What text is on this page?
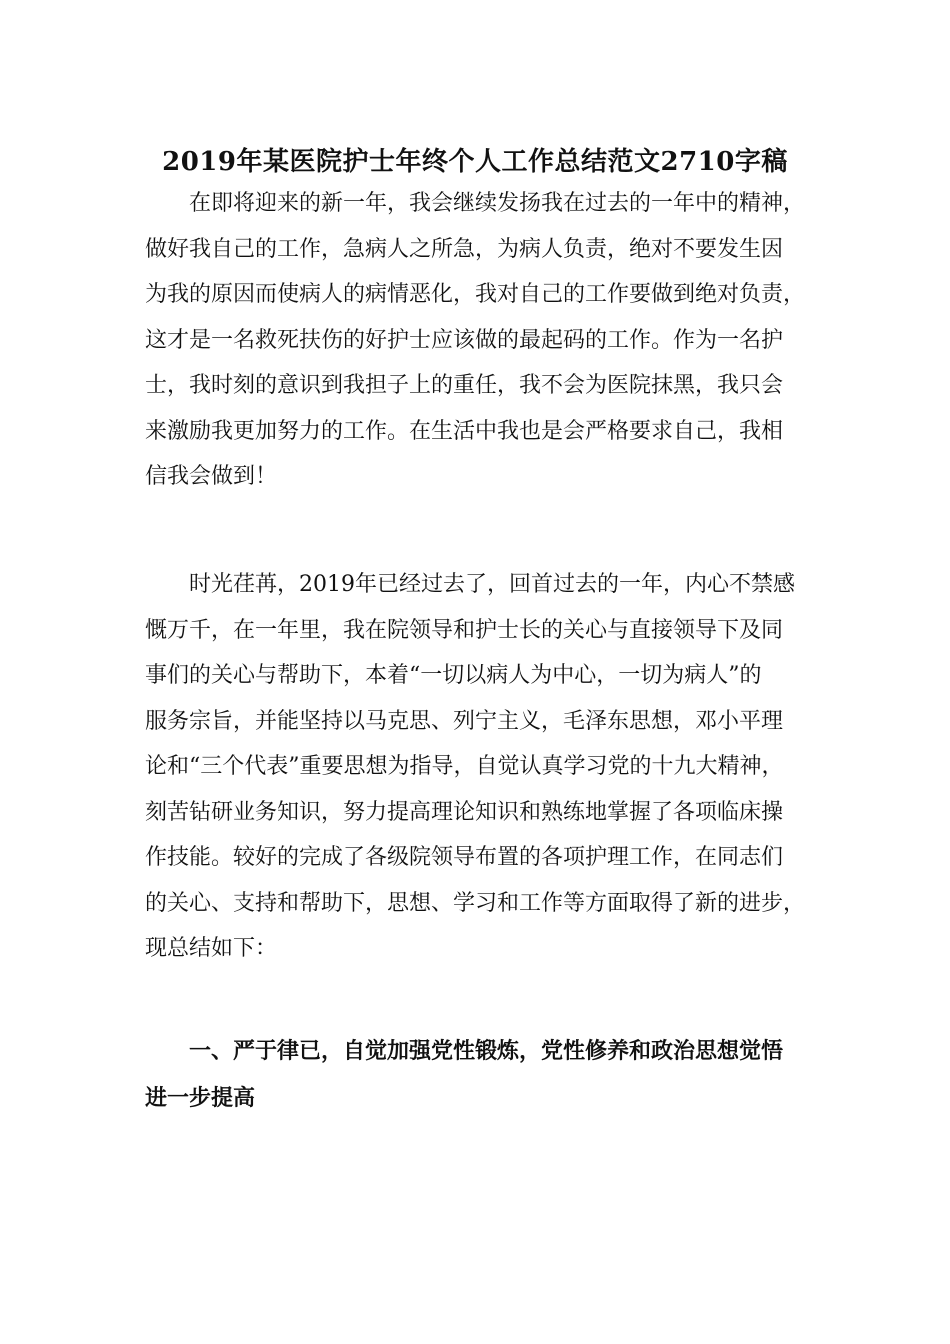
2019年某医院护士年终个人工作总结范文2710字稿
在即将迎来的新一年，我会继续发扬我在过去的一年中的精神，
做好我自己的工作，急病人之所急，为病人负责，绝对不要发生因
为我的原因而使病人的病情恶化，我对自己的工作要做到绝对负责，
这才是一名救死扶伤的好护士应该做的最起码的工作。作为一名护
士，我时刻的意识到我担子上的重任，我不会为医院抹黑，我只会
来激励我更加努力的工作。在生活中我也是会严格要求自己，我相
信我会做到！
时光荏苒，2019年已经过去了，回首过去的一年，内心不禁感
慨万千，在一年里，我在院领导和护士长的关心与直接领导下及同
事们的关心与帮助下，本着“一切以病人为中心，一切为病人”的
服务宗旨，并能坚持以马克思、列宁主义，毛泽东思想，邓小平理
论和“三个代表”重要思想为指导，自觉认真学习党的十九大精神，
刻苦钻研业务知识，努力提高理论知识和熟练地掌握了各项临床操
作技能。较好的完成了各级院领导布置的各项护理工作，在同志们
的关心、支持和帮助下，思想、学习和工作等方面取得了新的进步，
现总结如下：
一、严于律已，自觉加强党性锻炼，党性修养和政治思想觉悟
进一步提高
